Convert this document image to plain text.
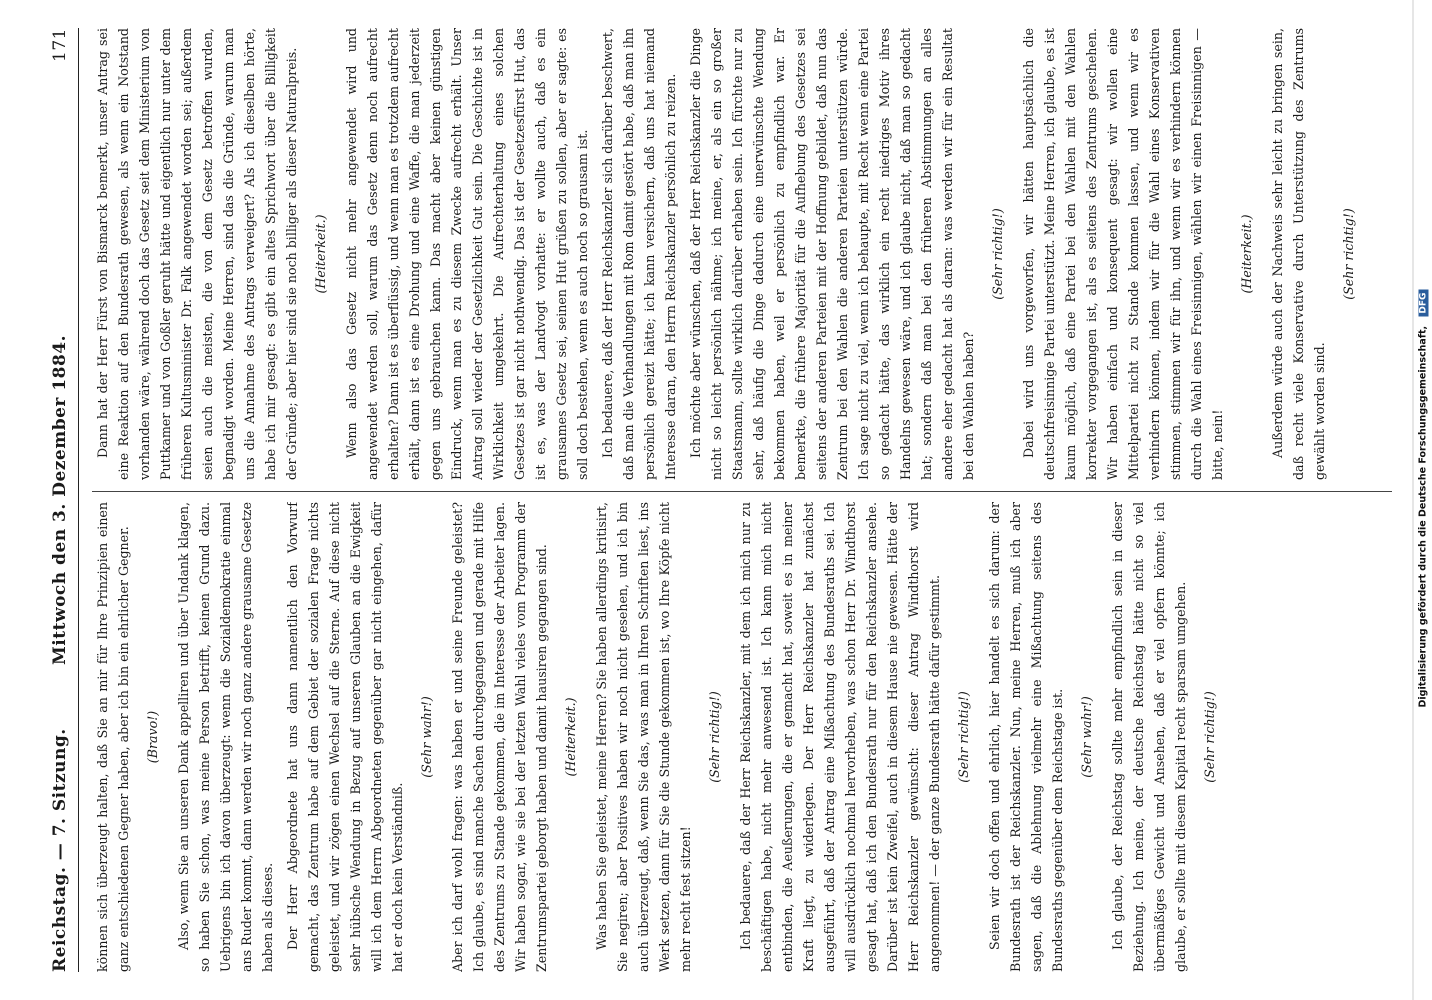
Reichstag. — 7. Sitzung.
Mittwoch den 3. Dezember 1884.
171
können sich überzeugt halten, daß Sie an mir für Ihre Prinzipien einen ganz entschiedenen Gegner haben, aber ich bin ein ehrlicher Gegner. (Bravo!) Also, wenn Sie an unseren Dank appelliren und über Undank klagen, so haben Sie schon, was meine Person betrifft, keinen Grund dazu. Uebrigens bin ich davon überzeugt: wenn die Sozialdemokratie einmal ans Ruder kommt, dann werden wir noch ganz andere grausame Gesetze haben als dieses. Der Herr Abgeordnete hat uns dann namentlich den Vorwurf gemacht, das Zentrum habe auf dem Gebiet der sozialen Frage nichts geleistet, und wir zögen einen Wechsel auf die Sterne. Auf diese nicht sehr hübsche Wendung in Bezug auf unseren Glauben an die Ewigkeit will ich dem Herrn Abgeordneten gegenüber gar nicht eingehen, dafür hat er doch kein Verständniß.
(Sehr wahr!) Aber ich darf wohl fragen: was haben er und seine Freunde geleistet? Ich glaube, es sind manche Sachen durchgegangen und gerade mit Hilfe des Zentrums zu Stande gekommen, die im Interesse der Arbeiter lagen. Wir haben sogar, wie sie bei der letzten Wahl vieles vom Programm der Zentrumspartei geborgt haben und damit hausiren gegangen sind. (Heiterkeit.) Was haben Sie geleistet, meine Herren? Sie haben allerdings kritisirt, Sie negiren; aber Positives haben wir noch nicht gesehen, und ich bin auch überzeugt, daß, wenn Sie das, was man in Ihren Schriften liest, ins Werk setzen, dann für Sie die Stunde gekommen ist, wo Ihre Köpfe nicht mehr recht fest sitzen!
(Sehr richtig!) Ich bedauere, daß der Herr Reichskanzler, mit dem ich mich nur zu beschäftigen habe, nicht mehr anwesend ist. Ich kann mich nicht entbinden, die Aeußerungen, die er gemacht hat, soweit es in meiner Kraft liegt, zu widerlegen. Der Herr Reichskanzler hat zunächst ausgeführt, daß der Antrag eine Mißachtung des Bundesraths sei. Ich will ausdrücklich nochmal hervorheben, was schon Herr Dr. Windthorst gesagt hat, daß ich den Bundesrath nur für den Reichskanzler ansehe. Darüber ist kein Zweifel, auch in diesem Hause nie gewesen. Hätte der Herr Reichskanzler gewünscht: dieser Antrag Windthorst wird angenommen! — der ganze Bundesrath hätte dafür gestimmt. (Sehr richtig!) Seien wir doch offen und ehrlich, hier handelt es sich darum: der Bundesrath ist der Reichskanzler. Nun, meine Herren, muß ich aber sagen, daß die Ablehnung vielmehr eine Mißachtung seitens des Bundesraths gegenüber dem Reichstage ist. (Sehr wahr!) Ich glaube, der Reichstag sollte mehr empfindlich sein in dieser Beziehung. Ich meine, der deutsche Reichstag hätte nicht so viel übermäßiges Gewicht und Ansehen, daß er viel opfern könnte; ich glaube, er sollte mit diesem Kapital recht sparsam umgehen. (Sehr richtig!)
Dann hat der Herr Fürst von Bismarck bemerkt, unser Antrag sei eine Reaktion auf den Bundesrath gewesen, als wenn ein Notstand vorhanden wäre, während doch das Gesetz seit dem Ministerium von Puttkamer und von Goßler geruht hätte und eigentlich nur unter dem früheren Kultusminister Dr. Falk angewendet worden sei; außerdem seien auch die meisten, die von dem Gesetz betroffen wurden, begnadigt worden. Meine Herren, sind das die Gründe, warum man uns die Annahme des Antrags verweigert? Als ich dieselben hörte, habe ich mir gesagt: es gibt ein altes Sprichwort über die Billigkeit der Gründe; aber hier sind sie noch billiger als dieser Naturalpreis. (Heiterkeit.) Wenn also das Gesetz nicht mehr angewendet wird und angewendet werden soll, warum das Gesetz denn noch aufrecht erhalten? Dann ist es überflüssig, und wenn man es trotzdem aufrecht erhält, dann ist es eine Drohung und eine Waffe, die man jederzeit gegen uns gebrauchen kann. Das macht aber keinen günstigen Eindruck, wenn man es zu diesem Zwecke aufrecht erhält. Unser Antrag soll wieder der Gesetzlichkeit Gut sein. Die Geschichte ist in Wirklichkeit umgekehrt. Die Aufrechterhaltung eines solchen Gesetzes ist gar nicht nothwendig. Das ist der Gesetzesfürst Hut, das ist es, was der Landvogt vorhatte: er wollte auch, daß es ein grausames Gesetz sei, seinen Hut grüßen zu sollen, aber er sagte: es soll doch bestehen, wenn es auch noch so grausam ist. Ich bedauere, daß der Herr Reichskanzler sich darüber beschwert, daß man die Verhandlungen mit Rom damit gestört habe, daß man ihn persönlich gereizt hätte; ich kann versichern, daß uns hat niemand Interesse daran, den Herrn Reichskanzler persönlich zu reizen. Ich möchte aber wünschen, daß der Herr Reichskanzler die Dinge nicht so leicht persönlich nähme; ich meine, er, als ein so großer Staatsmann, sollte wirklich darüber erhaben sein. Ich fürchte nur zu sehr, daß häufig die Dinge dadurch eine unerwünschte Wendung bekommen haben, weil er persönlich zu empfindlich war. Er bemerkte, die frühere Majorität für die Aufhebung des Gesetzes sei seitens der anderen Parteien mit der Hoffnung gebildet, daß nun das Zentrum bei den Wahlen die anderen Parteien unterstützen würde. Ich sage nicht zu viel, wenn ich behaupte, mit Recht wenn eine Partei so gedacht hätte, das wirklich ein recht niedriges Motiv ihres Handelns gewesen wäre, und ich glaube nicht, daß man so gedacht hat; sondern daß man bei den früheren Abstimmungen an alles andere eher gedacht hat als daran: was werden wir für ein Resultat bei den Wahlen haben?
(Sehr richtig!) Dabei wird uns vorgeworfen, wir hätten hauptsächlich die deutschfreisinnige Partei unterstützt. Meine Herren, ich glaube, es ist kaum möglich, daß eine Partei bei den Wahlen mit den Wahlen korrekter vorgegangen ist, als es seitens des Zentrums geschehen. Wir haben einfach und konsequent gesagt: wir wollen eine Mittelpartei nicht zu Stande kommen lassen, und wenn wir es verhindern können, indem wir für die Wahl eines Konservativen stimmen, stimmen wir für ihn, und wenn wir es verhindern können durch die Wahl eines Freisinnigen, wählen wir einen Freisinnigen — bitte, nein!
(Heiterkeit.) Außerdem würde auch der Nachweis sehr leicht zu bringen sein, daß recht viele Konservative durch Unterstützung des Zentrums gewählt worden sind.
(Sehr richtig!)
Digitalisierung gefördert durch die Deutsche Forschungsgemeinschaft, DFG
